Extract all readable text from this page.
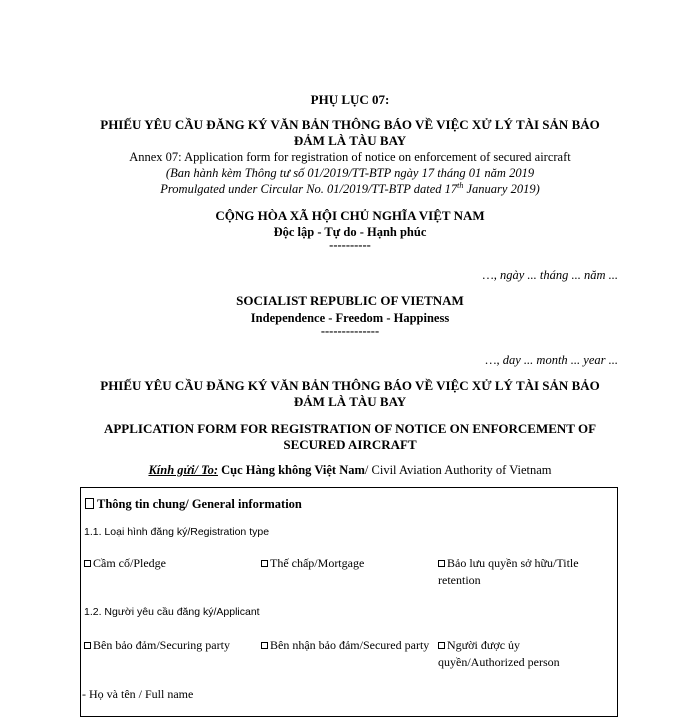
PHỤ LỤC 07:
PHIẾU YÊU CẦU ĐĂNG KÝ VĂN BẢN THÔNG BÁO VỀ VIỆC XỬ LÝ TÀI SẢN BẢO
ĐẢM LÀ TÀU BAY
Annex 07: Application form for registration of notice on enforcement of secured aircraft
(Ban hành kèm Thông tư số 01/2019/TT-BTP ngày 17 tháng 01 năm 2019
Promulgated under Circular No. 01/2019/TT-BTP dated 17th January 2019)
CỘNG HÒA XÃ HỘI CHỦ NGHĨA VIỆT NAM
Độc lập - Tự do - Hạnh phúc
----------
…, ngày ... tháng ... năm ...
SOCIALIST REPUBLIC OF VIETNAM
Independence - Freedom - Happiness
--------------
…, day ... month ... year ...
PHIẾU YÊU CẦU ĐĂNG KÝ VĂN BẢN THÔNG BÁO VỀ VIỆC XỬ LÝ TÀI SẢN BẢO
ĐẢM LÀ TÀU BAY
APPLICATION FORM FOR REGISTRATION OF NOTICE ON ENFORCEMENT OF
SECURED AIRCRAFT
Kính gửi/ To: Cục Hàng không Việt Nam/ Civil Aviation Authority of Vietnam
Thông tin chung/ General information
1.1. Loại hình đăng ký/Registration type
Cầm cố/Pledge	Thế chấp/Mortgage	Bảo lưu quyền sở hữu/Title retention
1.2. Người yêu cầu đăng ký/Applicant
Bên bảo đảm/Securing party	Bên nhận bảo đảm/Secured party	Người được ủy quyền/Authorized person
- Họ và tên / Full name
